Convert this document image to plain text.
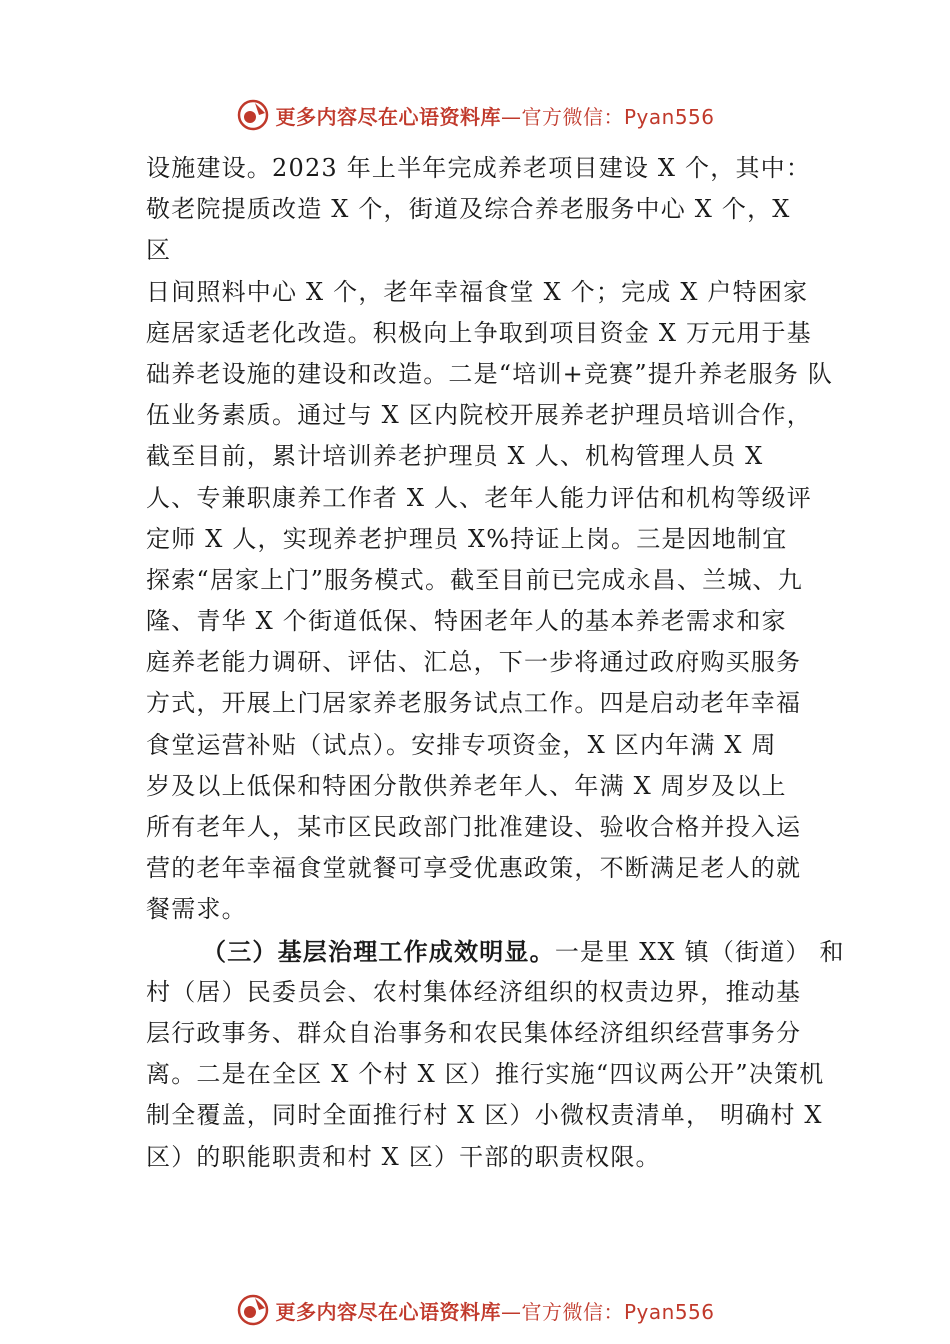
更多内容尽在心语资料库—官方微信：Pyan556
设施建设。2023 年上半年完成养老项目建设 X 个，其中：
敬老院提质改造 X 个，街道及综合养老服务中心 X 个，X
区
日间照料中心 X 个，老年幸福食堂 X 个；完成 X 户特困家
庭居家适老化改造。积极向上争取到项目资金 X 万元用于基
础养老设施的建设和改造。二是“培训+竞赛”提升养老服务 队
伍业务素质。通过与 X 区内院校开展养老护理员培训合作，
截至目前，累计培训养老护理员 X 人、机构管理人员 X
人、专兼职康养工作者 X 人、老年人能力评估和机构等级评
定师 X 人，实现养老护理员 X%持证上岗。三是因地制宜
探索“居家上门”服务模式。截至目前已完成永昌、兰城、九
隆、青华 X 个街道低保、特困老年人的基本养老需求和家
庭养老能力调研、评估、汇总，下一步将通过政府购买服务
方式，开展上门居家养老服务试点工作。四是启动老年幸福
食堂运营补贴（试点）。安排专项资金，X 区内年满 X 周
岁及以上低保和特困分散供养老年人、年满 X 周岁及以上
所有老年人，某市区民政部门批准建设、验收合格并投入运
营的老年幸福食堂就餐可享受优惠政策，不断满足老人的就
餐需求。
（三）基层治理工作成效明显。一是里 XX 镇（街道） 和
村（居）民委员会、农村集体经济组织的权责边界，推动基
层行政事务、群众自治事务和农民集体经济组织经营事务分
离。二是在全区 X 个村 X 区）推行实施“四议两公开”决策机
制全覆盖，同时全面推行村 X 区）小微权责清单， 明确村 X
区）的职能职责和村 X 区）干部的职责权限。
更多内容尽在心语资料库—官方微信：Pyan556
